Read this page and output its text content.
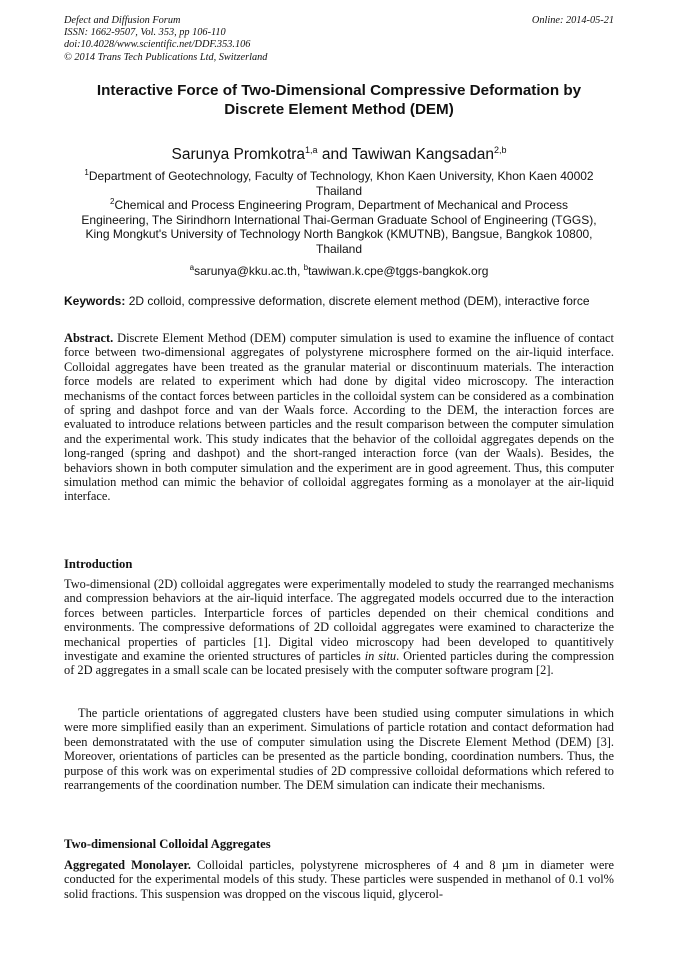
Defect and Diffusion Forum
ISSN: 1662-9507, Vol. 353, pp 106-110
doi:10.4028/www.scientific.net/DDF.353.106
© 2014 Trans Tech Publications Ltd, Switzerland
Online: 2014-05-21
Interactive Force of Two-Dimensional Compressive Deformation by
Discrete Element Method (DEM)
Sarunya Promkotra$^{1,a}$ and Tawiwan Kangsadan$^{2,b}$
$^1$Department of Geotechnology, Faculty of Technology, Khon Kaen University, Khon Kaen 40002
Thailand
$^2$Chemical and Process Engineering Program, Department of Mechanical and Process
Engineering, The Sirindhorn International Thai-German Graduate School of Engineering (TGGS),
King Mongkut's University of Technology North Bangkok (KMUTNB), Bangsue, Bangkok 10800,
Thailand
$^a$sarunya@kku.ac.th, $^b$tawiwan.k.cpe@tggs-bangkok.org
Keywords: 2D colloid, compressive deformation, discrete element method (DEM), interactive force
Abstract. Discrete Element Method (DEM) computer simulation is used to examine the influence of contact force between two-dimensional aggregates of polystyrene microsphere formed on the air-liquid interface. Colloidal aggregates have been treated as the granular material or discontinuum materials. The interaction force models are related to experiment which had done by digital video microscopy. The interaction mechanisms of the contact forces between particles in the colloidal system can be considered as a combination of spring and dashpot force and van der Waals force. According to the DEM, the interaction forces are evaluated to introduce relations between particles and the result comparison between the computer simulation and the experimental work. This study indicates that the behavior of the colloidal aggregates depends on the long-ranged (spring and dashpot) and the short-ranged interaction force (van der Waals). Besides, the behaviors shown in both computer simulation and the experiment are in good agreement. Thus, this computer simulation method can mimic the behavior of colloidal aggregates forming as a monolayer at the air-liquid interface.
Introduction
Two-dimensional (2D) colloidal aggregates were experimentally modeled to study the rearranged mechanisms and compression behaviors at the air-liquid interface. The aggregated models occurred due to the interaction forces between particles. Interparticle forces of particles depended on their chemical conditions and environments. The compressive deformations of 2D colloidal aggregates were examined to characterize the mechanical properties of particles [1]. Digital video microscopy had been developed to quantitively investigate and examine the oriented structures of particles in situ. Oriented particles during the compression of 2D aggregates in a small scale can be located presisely with the computer software program [2].
The particle orientations of aggregated clusters have been studied using computer simulations in which were more simplified easily than an experiment. Simulations of particle rotation and contact deformation had been demonstratated with the use of computer simulation using the Discrete Element Method (DEM) [3]. Moreover, orientations of particles can be presented as the particle bonding, coordination numbers. Thus, the purpose of this work was on experimental studies of 2D compressive colloidal deformations which refered to rearrangements of the coordination number. The DEM simulation can indicate their mechanisms.
Two-dimensional Colloidal Aggregates
Aggregated Monolayer. Colloidal particles, polystyrene microspheres of 4 and 8 µm in diameter were conducted for the experimental models of this study. These particles were suspended in methanol of 0.1 vol% solid fractions. This suspension was dropped on the viscous liquid, glycerol-
